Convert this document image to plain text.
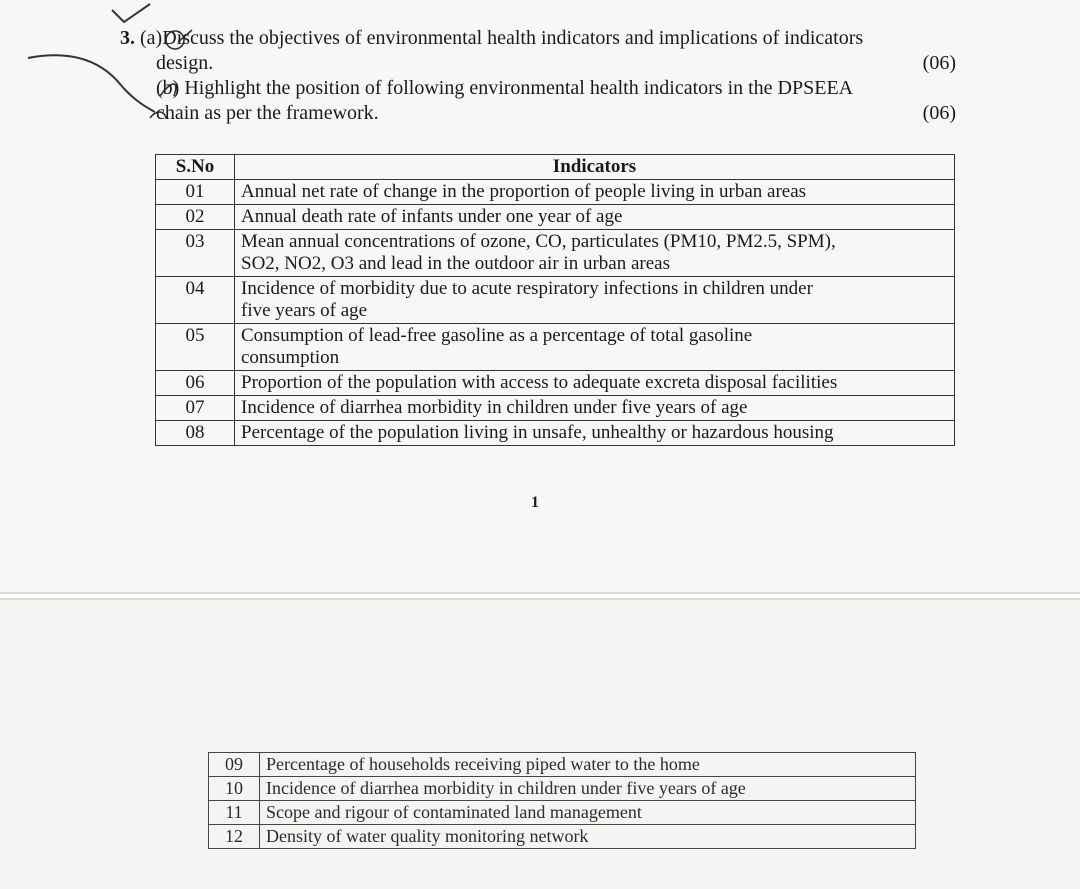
3. (a)Discuss the objectives of environmental health indicators and implications of indicators
design.	(06)
(b) Highlight the position of following environmental health indicators in the DPSEEA
chain as per the framework.	(06)
S.No	Indicators
01	Annual net rate of change in the proportion of people living in urban areas
02	Annual death rate of infants under one year of age
03	Mean annual concentrations of ozone, CO, particulates (PM10, PM2.5, SPM),
SO2, NO2, O3 and lead in the outdoor air in urban areas

04	Incidence of morbidity due to acute respiratory infections in children under
five years of age

05	Consumption of lead-free gasoline as a percentage of total gasoline
consumption

06	Proportion of the population with access to adequate excreta disposal facilities
07	Incidence of diarrhea morbidity in children under five years of age
08	Percentage of the population living in unsafe, unhealthy or hazardous housing
1
09	Percentage of households receiving piped water to the home
10	Incidence of diarrhea morbidity in children under five years of age
11	Scope and rigour of contaminated land management
12	Density of water quality monitoring network
